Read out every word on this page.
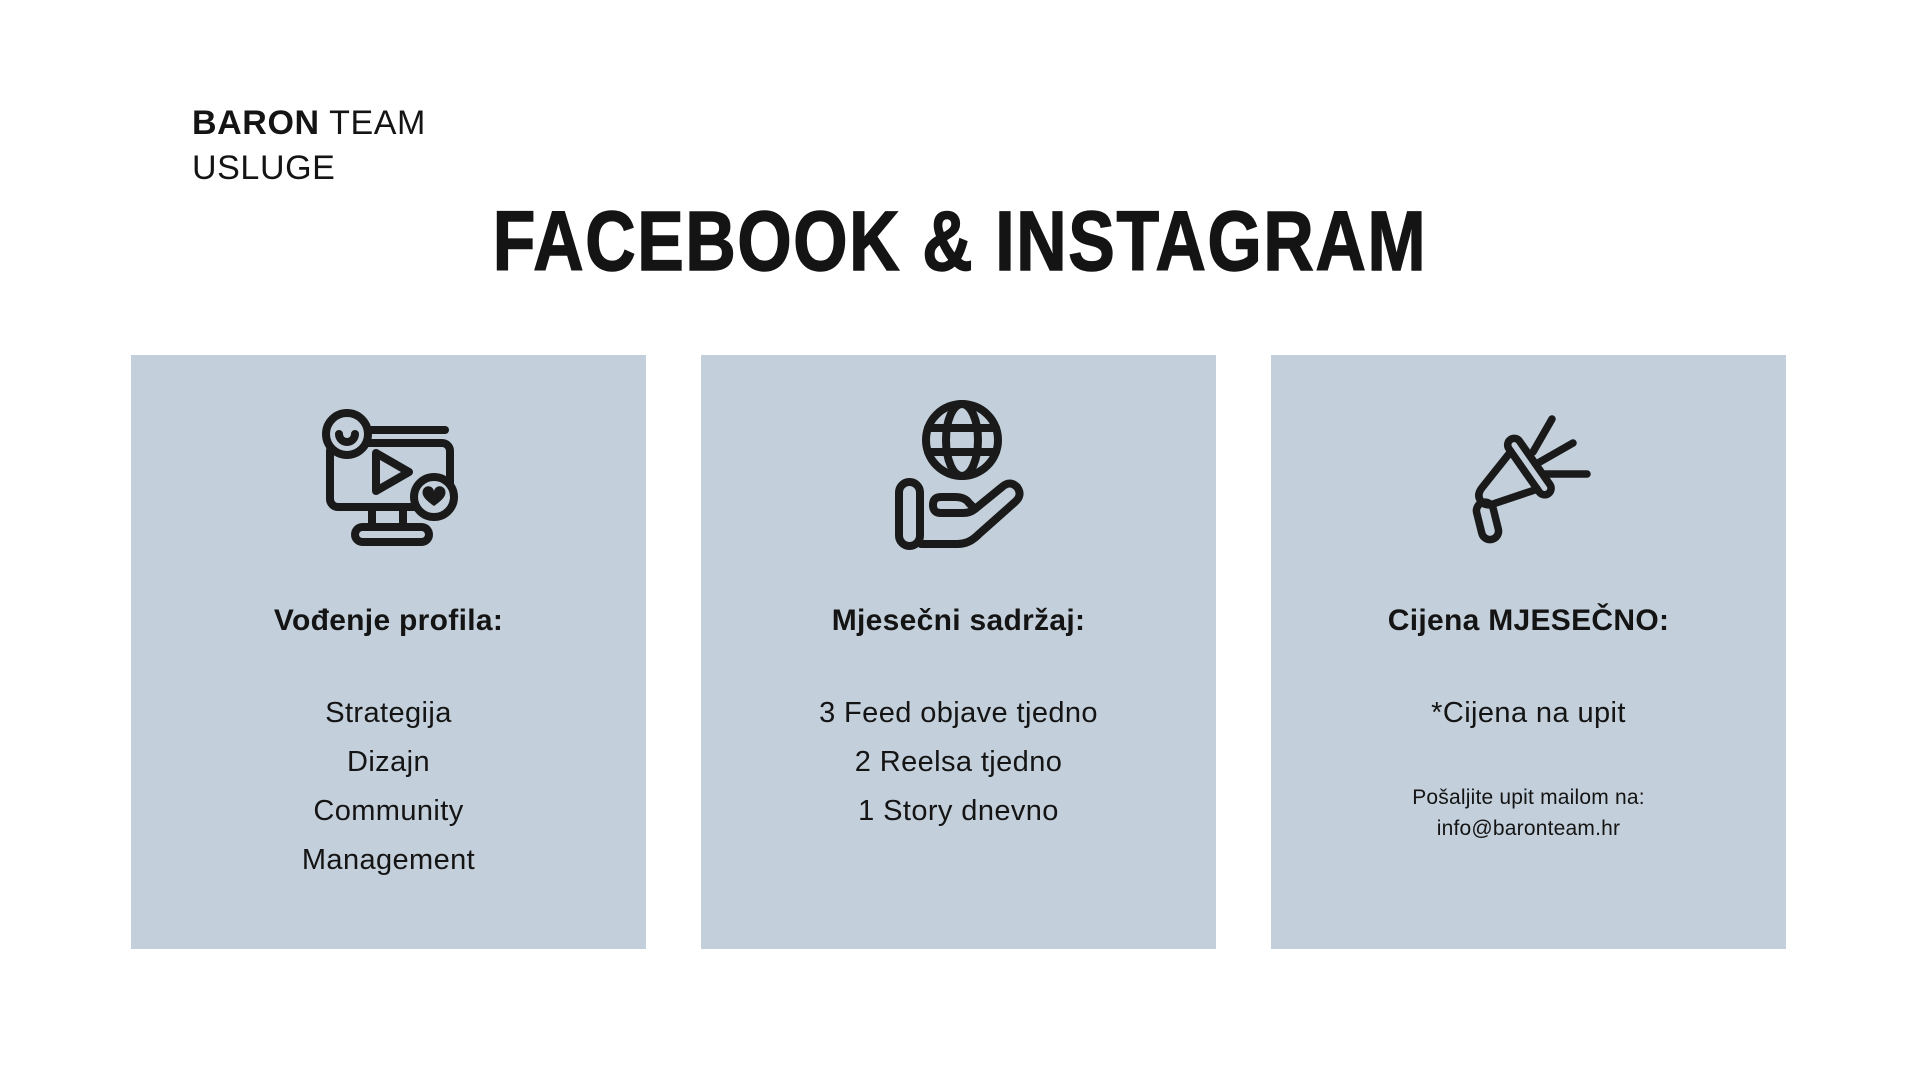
BARON TEAM
USLUGE
FACEBOOK & INSTAGRAM
Vođenje profila:
Strategija
Dizajn
Community
Management
Mjesečni sadržaj:
3 Feed objave tjedno
2 Reelsa tjedno
1 Story dnevno
Cijena MJESEČNO:
*Cijena na upit
Pošaljite upit mailom na:
info@baronteam.hr
